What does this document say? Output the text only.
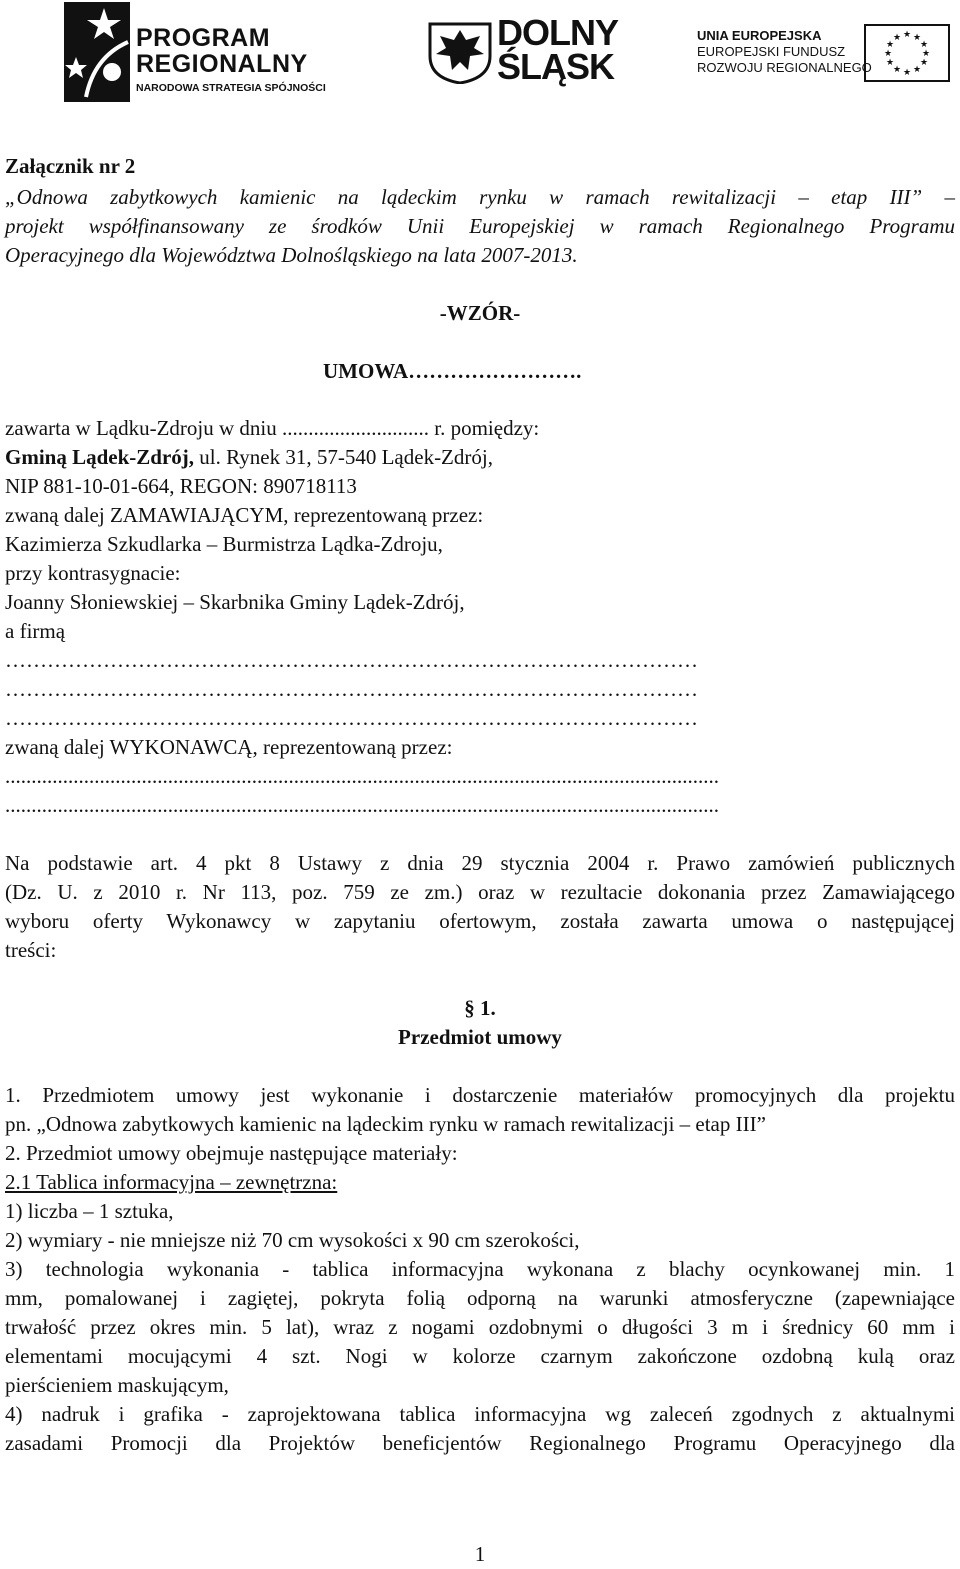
PROGRAM
REGIONALNY
NARODOWA STRATEGIA SPÓJNOŚCI
DOLNY
ŚLĄSK
UNIA EUROPEJSKA
EUROPEJSKI FUNDUSZ
ROZWOJU REGIONALNEGO
★ ★
★
★
★
★
★
★
★
★
★
★
Załącznik nr 2
„Odnowa zabytkowych kamienic na lądeckim rynku w ramach rewitalizacji – etap III” –
projekt współfinansowany ze środków Unii Europejskiej w ramach Regionalnego Programu
Operacyjnego dla Województwa Dolnośląskiego na lata 2007-2013.
-WZÓR-
UMOWA…………………….
zawarta w Lądku-Zdroju w dniu ............................ r. pomiędzy:
Gminą Lądek-Zdrój, ul. Rynek 31, 57-540 Lądek-Zdrój,
NIP 881-10-01-664, REGON: 890718113
zwaną dalej ZAMAWIAJĄCYM, reprezentowaną przez:
Kazimierza Szkudlarka – Burmistrza Lądka-Zdroju,
przy kontrasygnacie:
Joanny Słoniewskiej – Skarbnika Gminy Lądek-Zdrój,
a firmą
………………………………………………………………………………………
………………………………………………………………………………………
………………………………………………………………………………………
zwaną dalej WYKONAWCĄ, reprezentowaną przez:
........................................................................................................................................
........................................................................................................................................
Na podstawie art. 4 pkt 8 Ustawy z dnia 29 stycznia 2004 r. Prawo zamówień publicznych
(Dz. U. z 2010 r. Nr 113, poz. 759 ze zm.) oraz w rezultacie dokonania przez Zamawiającego
wyboru oferty Wykonawcy w zapytaniu ofertowym, została zawarta umowa o następującej
treści:
§ 1.
Przedmiot umowy
1. Przedmiotem umowy jest wykonanie i dostarczenie materiałów promocyjnych dla projektu
pn. „Odnowa zabytkowych kamienic na lądeckim rynku w ramach rewitalizacji – etap III”
2. Przedmiot umowy obejmuje następujące materiały:
2.1 Tablica informacyjna – zewnętrzna:
1) liczba – 1 sztuka,
2) wymiary - nie mniejsze niż 70 cm wysokości x 90 cm szerokości,
3) technologia wykonania - tablica informacyjna wykonana z blachy ocynkowanej min. 1
mm, pomalowanej i zagiętej, pokryta folią odporną na warunki atmosferyczne (zapewniające
trwałość przez okres min. 5 lat), wraz z nogami ozdobnymi o długości 3 m i średnicy 60 mm i
elementami mocującymi 4 szt. Nogi w kolorze czarnym zakończone ozdobną kulą oraz
pierścieniem maskującym,
4) nadruk i grafika - zaprojektowana tablica informacyjna wg zaleceń zgodnych z aktualnymi
zasadami Promocji dla Projektów beneficjentów Regionalnego Programu Operacyjnego dla
1
